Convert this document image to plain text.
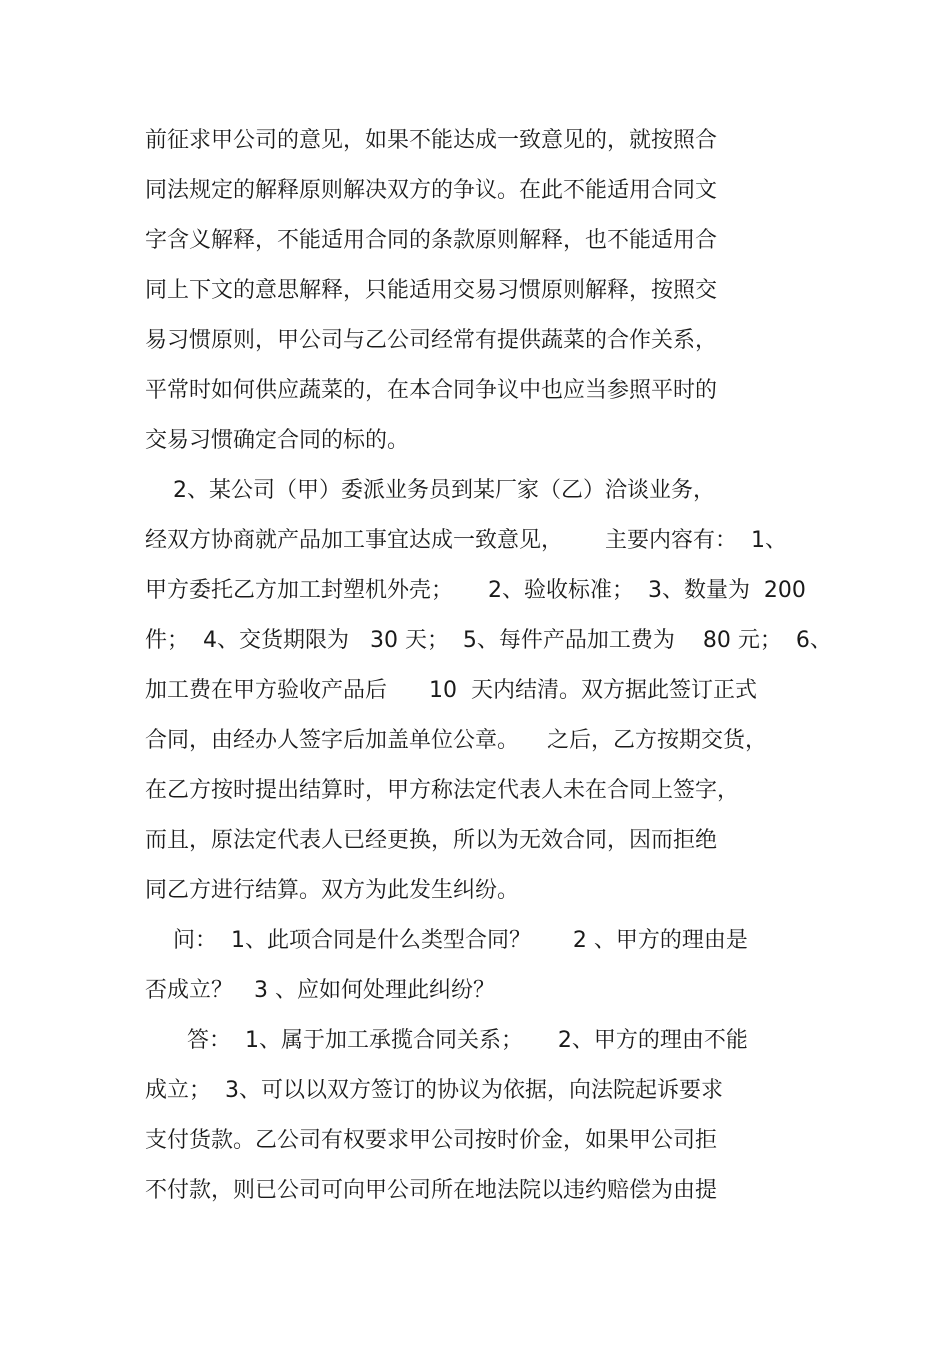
前征求甲公司的意见，如果不能达成一致意见的，就按照合
同法规定的解释原则解决双方的争议。在此不能适用合同文
字含义解释，不能适用合同的条款原则解释，也不能适用合
同上下文的意思解释，只能适用交易习惯原则解释，按照交
易习惯原则，甲公司与乙公司经常有提供蔬菜的合作关系，
平常时如何供应蔬菜的，在本合同争议中也应当参照平时的
交易习惯确定合同的标的。
2、某公司（甲）委派业务员到某厂家（乙）洽谈业务，
经双方协商就产品加工事宜达成一致意见，      主要内容有：  1、
甲方委托乙方加工封塑机外壳；     2、验收标准；  3、数量为  200
件；  4、交货期限为   30 天；  5、每件产品加工费为    80 元；  6、
加工费在甲方验收产品后      10  天内结清。双方据此签订正式
合同，由经办人签字后加盖单位公章。    之后，乙方按期交货，
在乙方按时提出结算时，甲方称法定代表人未在合同上签字，
而且，原法定代表人已经更换，所以为无效合同，因而拒绝
同乙方进行结算。双方为此发生纠纷。
问：  1、此项合同是什么类型合同？      2 、甲方的理由是
否成立？   3 、应如何处理此纠纷？
答：  1、属于加工承揽合同关系；     2、甲方的理由不能
成立；  3、可以以双方签订的协议为依据，向法院起诉要求
支付货款。乙公司有权要求甲公司按时价金，如果甲公司拒
不付款，则已公司可向甲公司所在地法院以违约赔偿为由提
